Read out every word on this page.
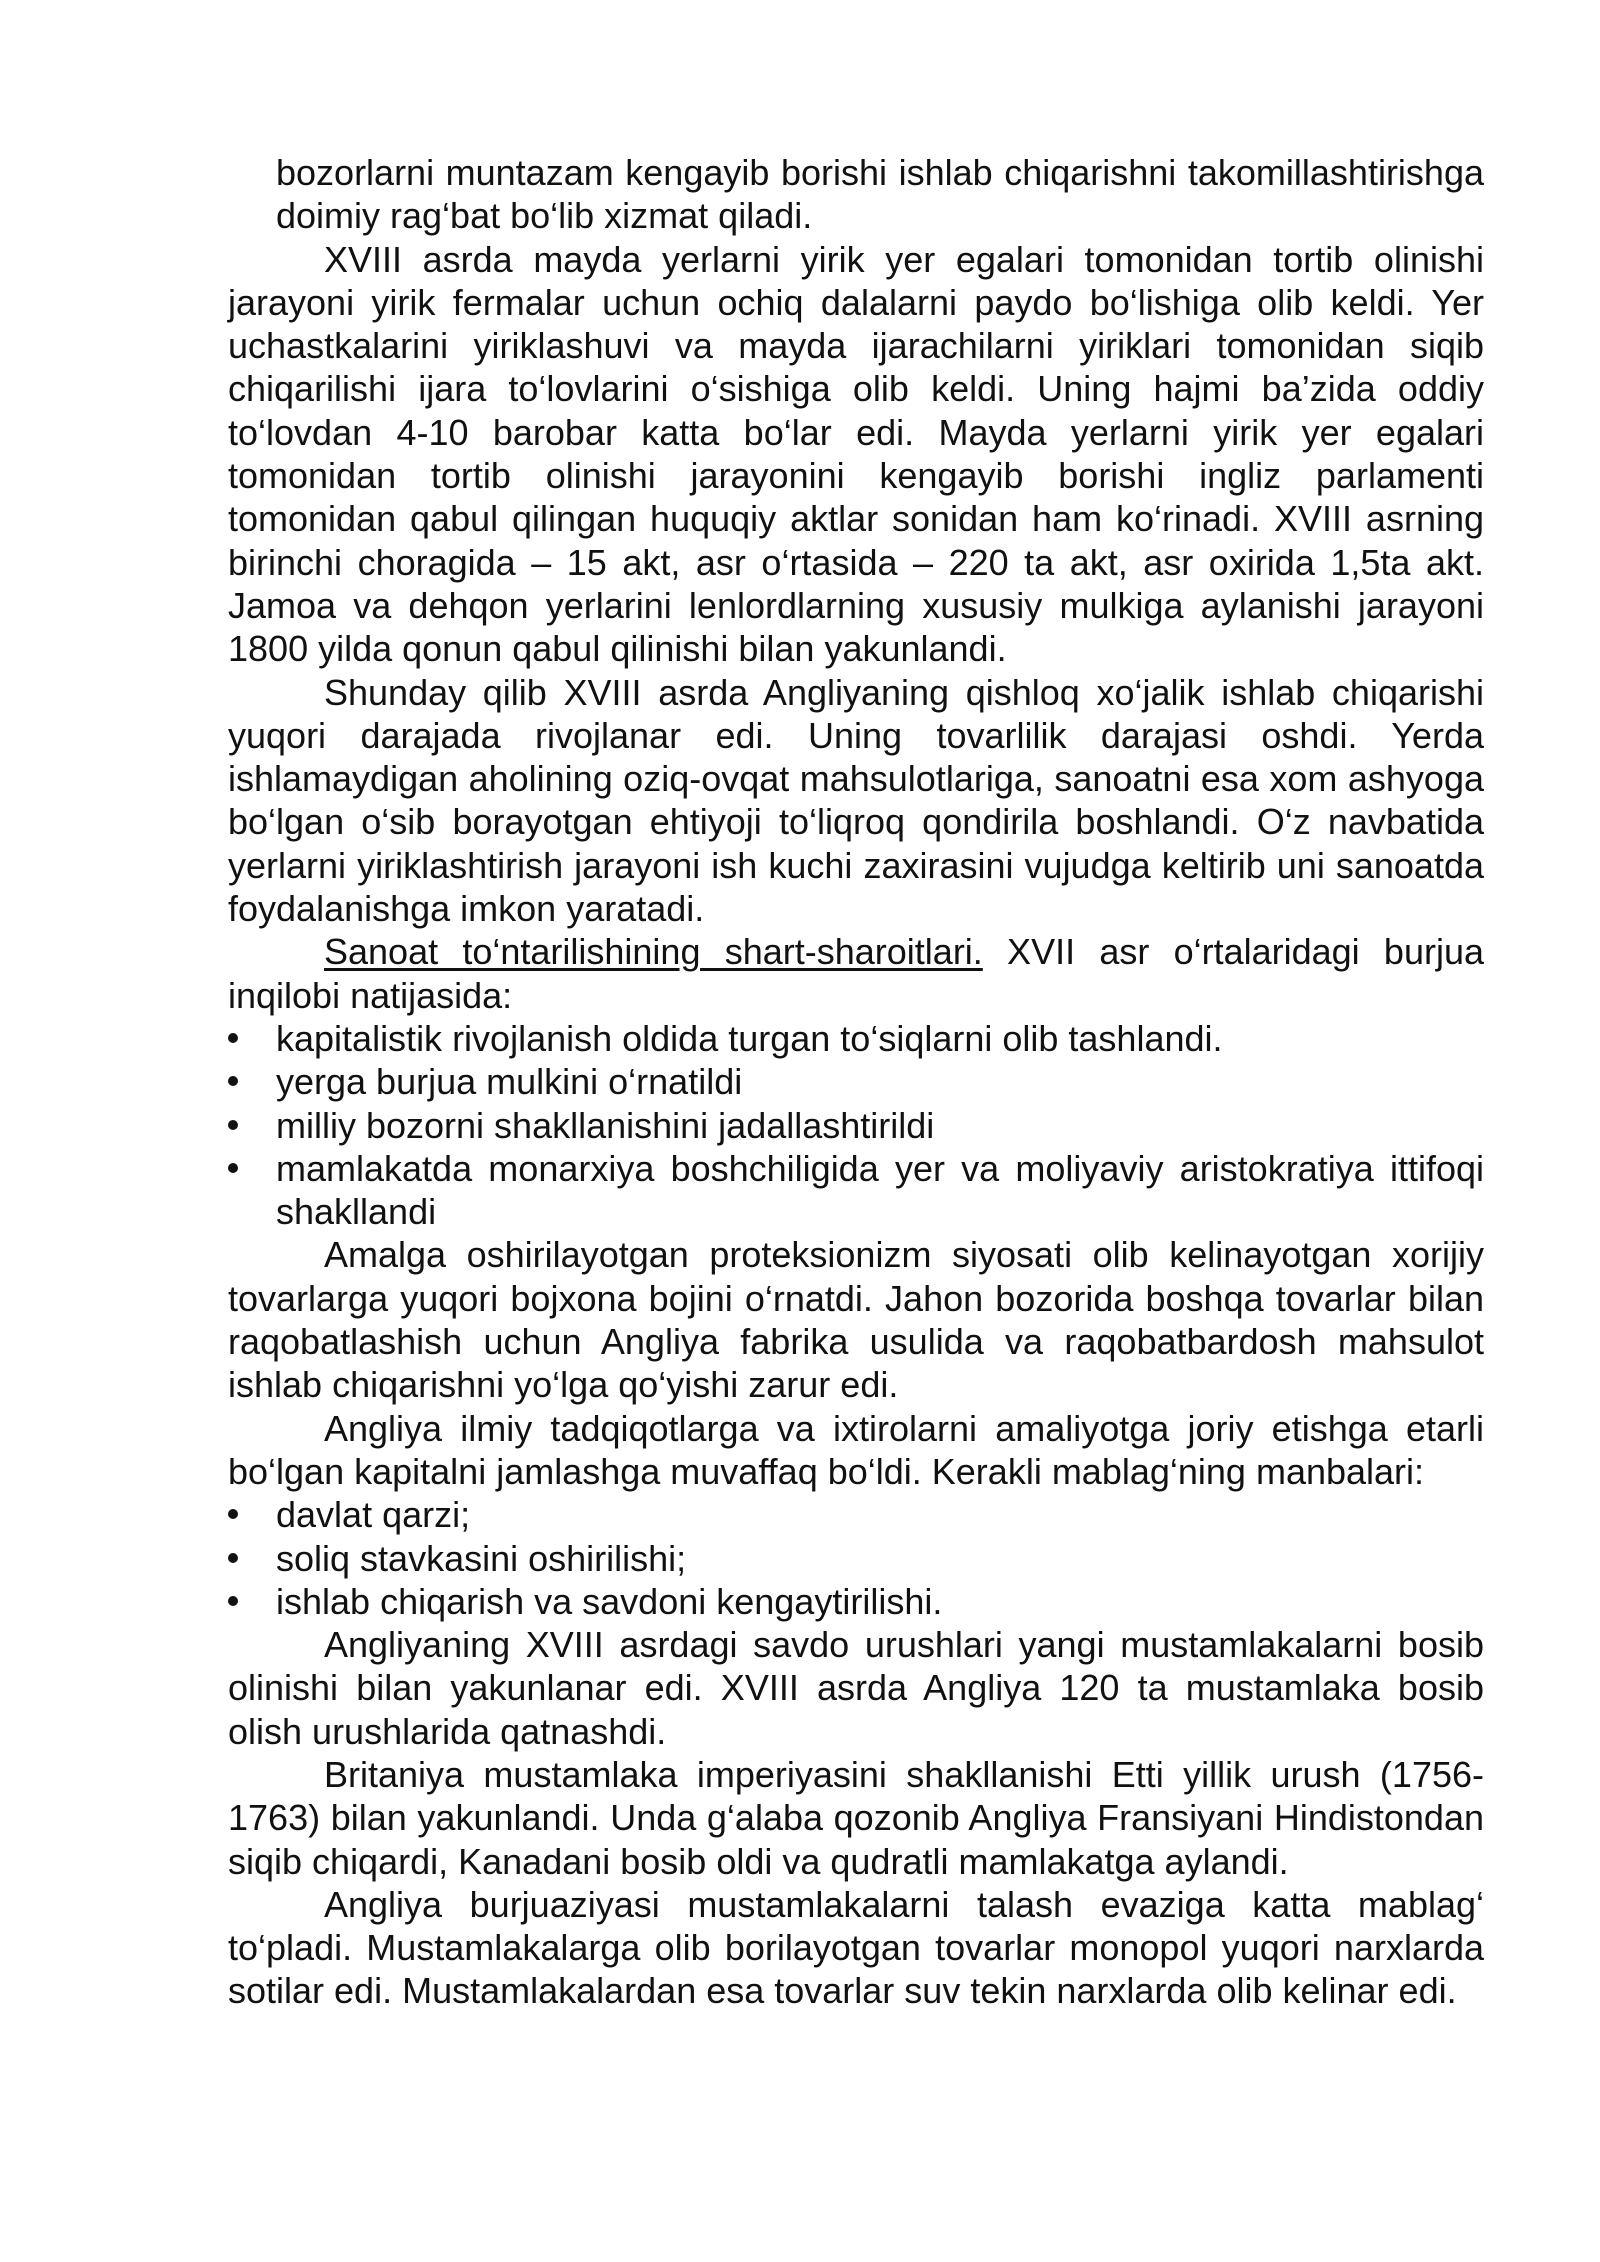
bozorlarni muntazam kengayib borishi ishlab chiqarishni takomillashtirishga doimiy rag‘bat bo‘lib xizmat qiladi.

XVIII asrda mayda yerlarni yirik yer egalari tomonidan tortib olinishi jarayoni yirik fermalar uchun ochiq dalalarni paydo bo‘lishiga olib keldi. Yer uchastkalarini yiriklashuvi va mayda ijarachilarni yiriklari tomonidan siqib chiqarilishi ijara to‘lovlarini o‘sishiga olib keldi. Uning hajmi ba’zida oddiy to‘lovdan 4-10 barobar katta bo‘lar edi. Mayda yerlarni yirik yer egalari tomonidan tortib olinishi jarayonini kengayib borishi ingliz parlamenti tomonidan qabul qilingan huquqiy aktlar sonidan ham ko‘rinadi. XVIII asrning birinchi choragida – 15 akt, asr o‘rtasida – 220 ta akt, asr oxirida 1,5ta akt. Jamoa va dehqon yerlarini lenlordlarning xususiy mulkiga aylanishi jarayoni 1800 yilda qonun qabul qilinishi bilan yakunlandi.

Shunday qilib XVIII asrda Angliyaning qishloq xo‘jalik ishlab chiqarishi yuqori darajada rivojlanar edi. Uning tovarlilik darajasi oshdi. Yerda ishlamaydigan aholining oziq-ovqat mahsulotlariga, sanoatni esa xom ashyoga bo‘lgan o‘sib borayotgan ehtiyoji to‘liqroq qondirila boshlandi. O‘z navbatida yerlarni yiriklashtirish jarayoni ish kuchi zaxirasini vujudga keltirib uni sanoatda foydalanishga imkon yaratadi.

Sanoat to‘ntarilishining shart-sharoitlari. XVII asr o‘rtalaridagi burjua inqilobi natijasida:

kapitalistik rivojlanish oldida turgan to‘siqlarni olib tashlandi.
yerga burjua mulkini o‘rnatildi
milliy bozorni shakllanishini jadallashtirildi
mamlakatda monarxiya boshchiligida yer va moliyaviy aristokratiya ittifoqi shakllandi

Amalga oshirilayotgan proteksionizm siyosati olib kelinayotgan xorijiy tovarlarga yuqori bojxona bojini o‘rnatdi. Jahon bozorida boshqa tovarlar bilan raqobatlashish uchun Angliya fabrika usulida va raqobatbardosh mahsulot ishlab chiqarishni yo‘lga qo‘yishi zarur edi.

Angliya ilmiy tadqiqotlarga va ixtirolarni amaliyotga joriy etishga etarli bo‘lgan kapitalni jamlashga muvaffaq bo‘ldi. Kerakli mablag‘ning manbalari:

davlat qarzi;
soliq stavkasini oshirilishi;
ishlab chiqarish va savdoni kengaytirilishi.

Angliyaning XVIII asrdagi savdo urushlari yangi mustamlakalarni bosib olinishi bilan yakunlanar edi. XVIII asrda Angliya 120 ta mustamlaka bosib olish urushlarida qatnashdi.

Britaniya mustamlaka imperiyasini shakllanishi Etti yillik urush (1756-1763) bilan yakunlandi. Unda g‘alaba qozonib Angliya Fransiyani Hindistondan siqib chiqardi, Kanadani bosib oldi va qudratli mamlakatga aylandi.

Angliya burjuaziyasi mustamlakalarni talash evaziga katta mablag‘ to‘pladi. Mustamlakalarga olib borilayotgan tovarlar monopol yuqori narxlarda sotilar edi. Mustamlakalardan esa tovarlar suv tekin narxlarda olib kelinar edi.
